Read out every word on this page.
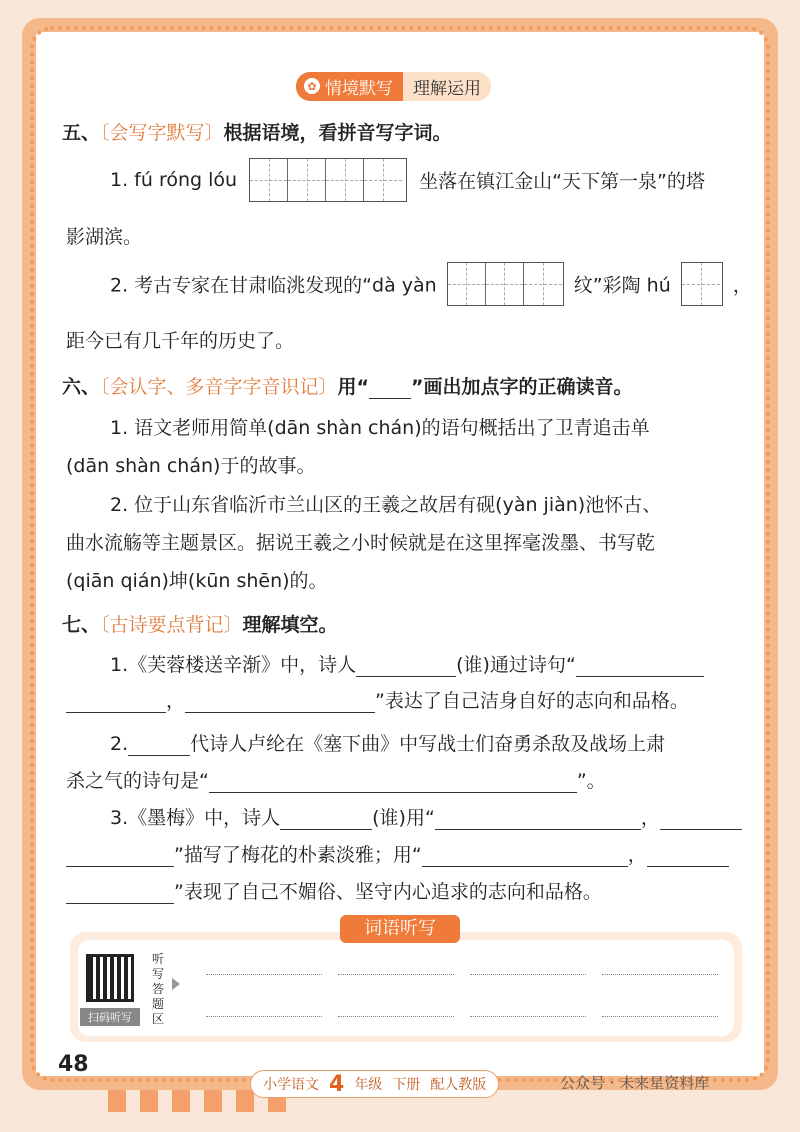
✿ 情境默写	理解运用
五、〔会写字默写〕根据语境，看拼音写字词。
1. fú róng lóu	坐落在镇江金山“天下第一泉”的塔
影湖滨。
2. 考古专家在甘肃临洮发现的“dà yàn	纹”彩陶 hú	，
距今已有几千年的历史了。
六、〔会认字、多音字字音识记〕用“ ”画出加点字的正确读音。
1. 语文老师用简单(dān shàn chán)的语句概括出了卫青追击单
(dān shàn chán)于的故事。
2. 位于山东省临沂市兰山区的王羲之故居有砚(yàn jiàn)池怀古、
曲水流觞等主题景区。据说王羲之小时候就是在这里挥毫泼墨、书写乾
(qiān qián)坤(kūn shēn)的。
七、〔古诗要点背记〕理解填空。
1.《芙蓉楼送辛渐》中，诗人	(谁)通过诗句“
，	”表达了自己洁身自好的志向和品格。
2.	代诗人卢纶在《塞下曲》中写战士们奋勇杀敌及战场上肃
杀之气的诗句是“	”。
3.《墨梅》中，诗人	(谁)用“	，
”描写了梅花的朴素淡雅；用“	，
”表现了自己不媚俗、坚守内心追求的志向和品格。
词语听写
扫码听写
听写答题区
48
小学语文 4 年级 下册 配人教版	公众号 · 未来星资料库
